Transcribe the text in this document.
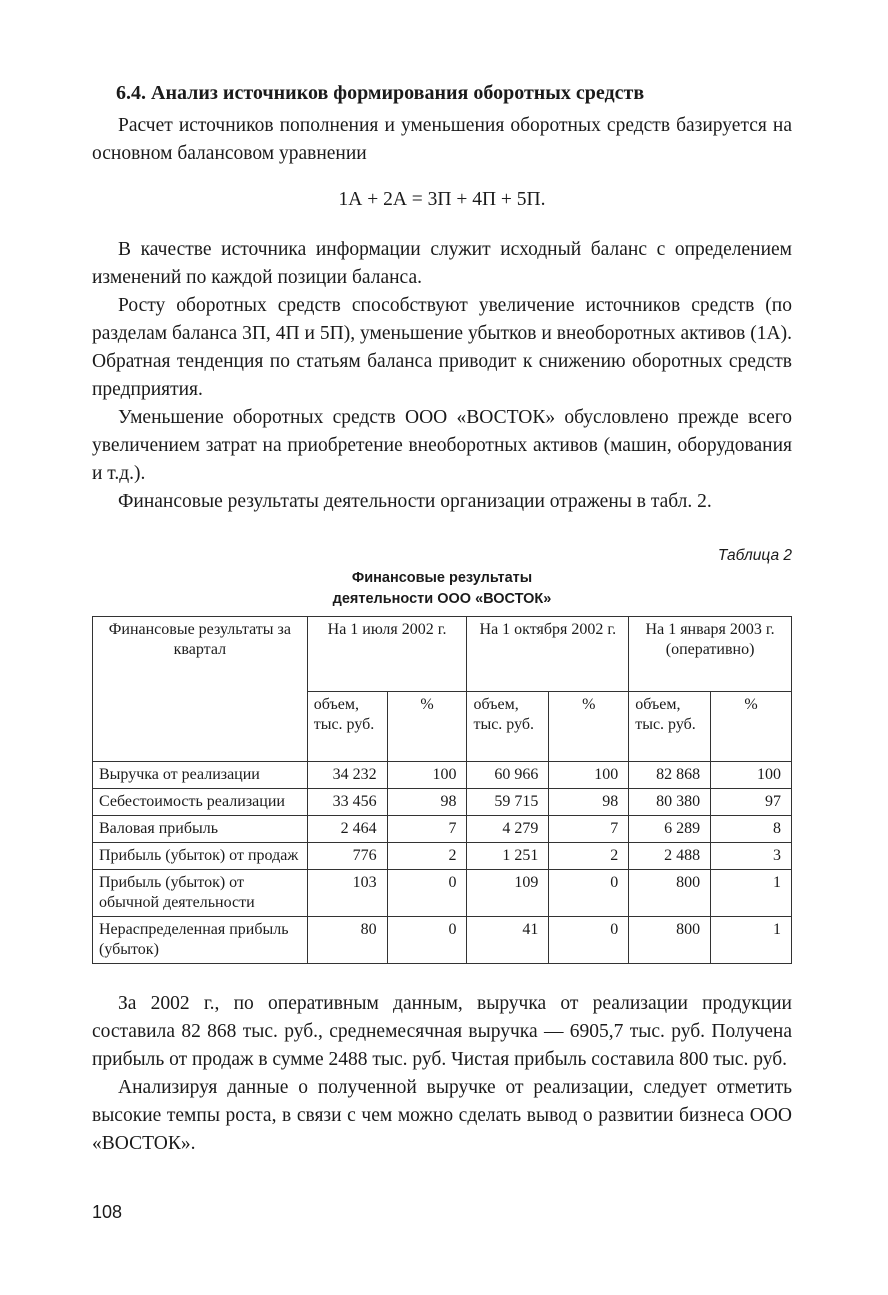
6.4. Анализ источников формирования оборотных средств

Расчет источников пополнения и уменьшения оборотных средств базируется на основном балансовом уравнении

1А + 2А = 3П + 4П + 5П.

В качестве источника информации служит исходный баланс с определением изменений по каждой позиции баланса.

Росту оборотных средств способствуют увеличение источников средств (по разделам баланса 3П, 4П и 5П), уменьшение убытков и внеоборотных активов (1А). Обратная тенденция по статьям баланса приводит к снижению оборотных средств предприятия.

Уменьшение оборотных средств ООО «ВОСТОК» обусловлено прежде всего увеличением затрат на приобретение внеоборотных активов (машин, оборудования и т.д.).

Финансовые результаты деятельности организации отражены в табл. 2.

Таблица 2
Финансовые результаты
деятельности ООО «ВОСТОК»
Финансовые результаты за квартал	На 1 июля 2002 г.		На 1 октября 2002 г.		На 1 января 2003 г. (оперативно)	
	объем, тыс. руб.	%	объем, тыс. руб.	%	объем, тыс. руб.	%
Выручка от реализации	34 232	100	60 966	100	82 868	100
Себестоимость реализации	33 456	98	59 715	98	80 380	97
Валовая прибыль	2 464	7	4 279	7	6 289	8
Прибыль (убыток) от продаж	776	2	1 251	2	2 488	3
Прибыль (убыток) от обычной деятельности	103	0	109	0	800	1
Нераспределенная прибыль (убыток)	80	0	41	0	800	1

За 2002 г., по оперативным данным, выручка от реализации продукции составила 82 868 тыс. руб., среднемесячная выручка — 6905,7 тыс. руб. Получена прибыль от продаж в сумме 2488 тыс. руб. Чистая прибыль составила 800 тыс. руб.

Анализируя данные о полученной выручке от реализации, следует отметить высокие темпы роста, в связи с чем можно сделать вывод о развитии бизнеса ООО «ВОСТОК».

108
